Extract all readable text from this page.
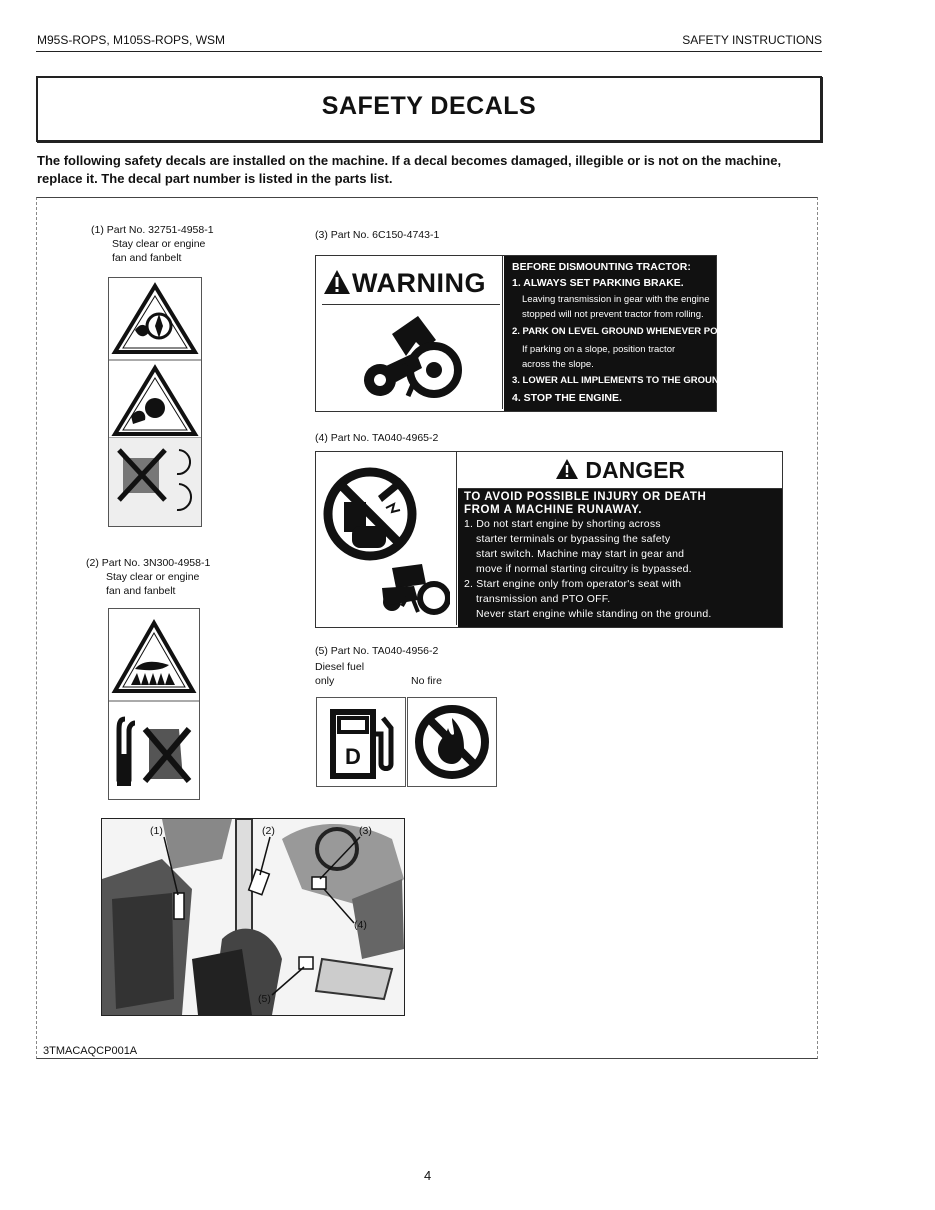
M95S-ROPS, M105S-ROPS, WSM	SAFETY INSTRUCTIONS
SAFETY DECALS
The following safety decals are installed on the machine. If a decal becomes damaged, illegible or is not on the machine, replace it. The decal part number is listed in the parts list.
(1) Part No. 32751-4958-1
Stay clear or engine
fan and fanbelt
(2) Part No. 3N300-4958-1
Stay clear or engine
fan and fanbelt
(3) Part No. 6C150-4743-1
WARNING
BEFORE DISMOUNTING TRACTOR:
1. ALWAYS SET PARKING BRAKE.
Leaving transmission in gear with the engine
stopped will not prevent tractor from rolling.
2. PARK ON LEVEL GROUND WHENEVER POSSIBLE.
If parking on a slope, position tractor
across the slope.
3. LOWER ALL IMPLEMENTS TO THE GROUND.
4. STOP THE ENGINE.
(4) Part No. TA040-4965-2
DANGER
TO AVOID POSSIBLE INJURY OR DEATH
FROM A MACHINE RUNAWAY.
1. Do not start engine by shorting across
starter terminals or bypassing the safety
start switch. Machine may start in gear and
move if normal starting circuitry is bypassed.
2. Start engine only from operator's seat with
transmission and PTO OFF.
Never start engine while standing on the ground.
(5) Part No. TA040-4956-2
Diesel fuel
only	No fire
D
(1)	(2)	(3)
(4)
(5)
3TMACAQCP001A
4
